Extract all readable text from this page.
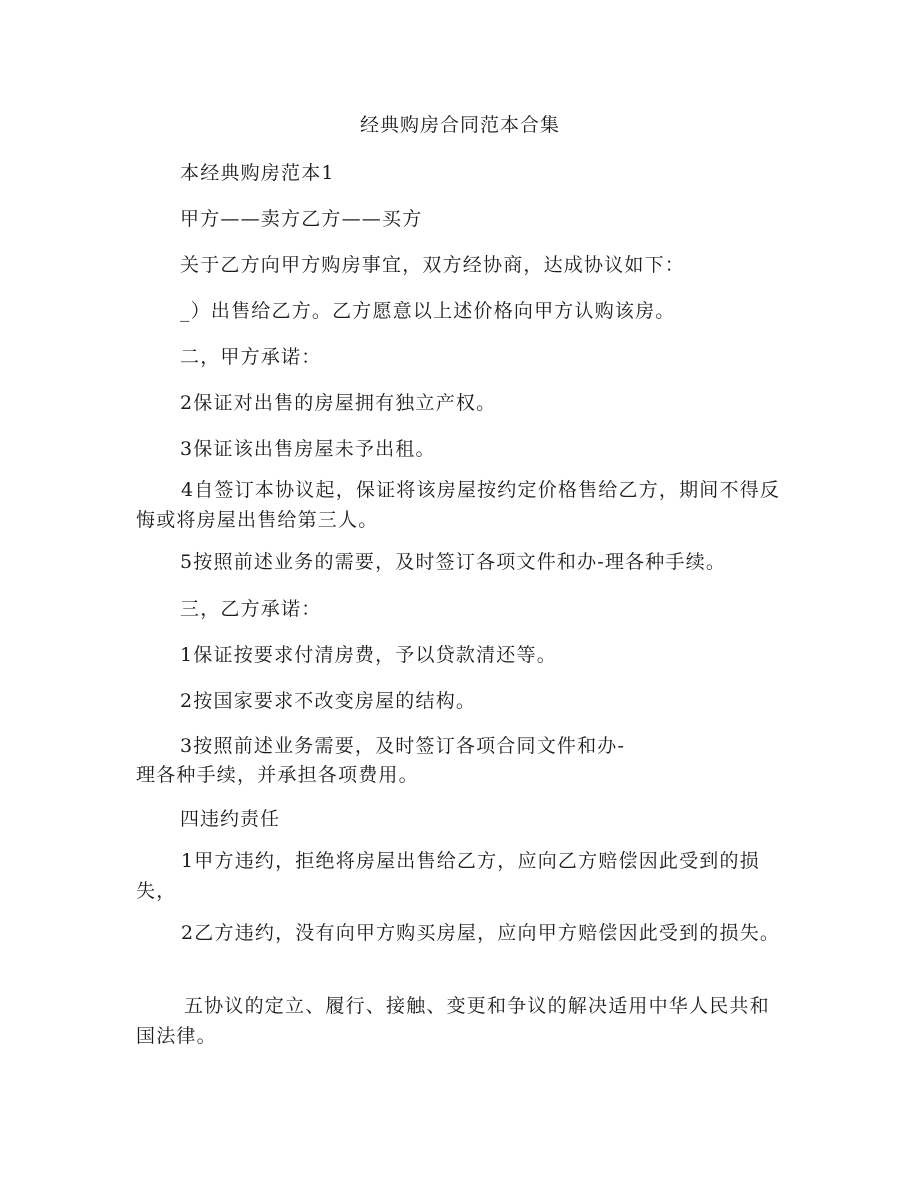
经典购房合同范本合集
本经典购房范本1
甲方——卖方乙方——买方
关于乙方向甲方购房事宜，双方经协商，达成协议如下：
_）出售给乙方。乙方愿意以上述价格向甲方认购该房。
二，甲方承诺：
2保证对出售的房屋拥有独立产权。
3保证该出售房屋未予出租。
4自签订本协议起，保证将该房屋按约定价格售给乙方，期间不得反悔或将房屋出售给第三人。
5按照前述业务的需要，及时签订各项文件和办-理各种手续。
三，乙方承诺：
1保证按要求付清房费，予以贷款清还等。
2按国家要求不改变房屋的结构。
3按照前述业务需要，及时签订各项合同文件和办-
理各种手续，并承担各项费用。
四违约责任
1甲方违约，拒绝将房屋出售给乙方，应向乙方赔偿因此受到的损失，
2乙方违约，没有向甲方购买房屋，应向甲方赔偿因此受到的损失。
五协议的定立、履行、接触、变更和争议的解决适用中华人民共和国法律。
